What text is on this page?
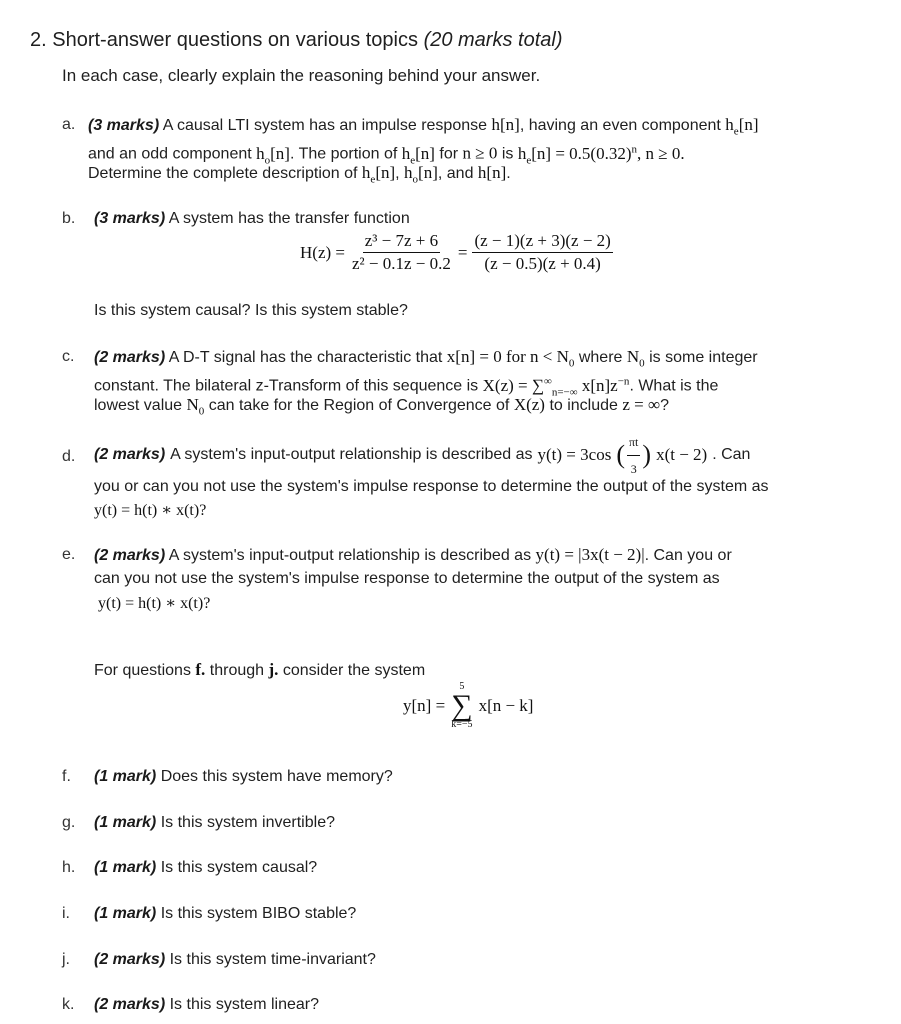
2. Short-answer questions on various topics (20 marks total)
In each case, clearly explain the reasoning behind your answer.
a. (3 marks) A causal LTI system has an impulse response h[n], having an even component $h_e[n]$
and an odd component $h_o[n]$. The portion of $h_e[n]$ for n ≥ 0 is $h_e[n] = 0.5(0.32)^n$, n ≥ 0.
Determine the complete description of $h_e[n]$, $h_o[n]$, and h[n].
b. (3 marks) A system has the transfer function
$H(z) = \frac{\text{z³ − 7z + 6}}{\text{z² − 0.1z − 0.2}} = \frac{(z - 1)(z + 3)(z - 2)}{(z - 0.5)(z + 0.4)}$
Is this system causal? Is this system stable?
c. (2 marks) A D-T signal has the characteristic that x[n] = 0 for $n < N_0$ where $N_0$ is some integer
constant. The bilateral z-Transform of this sequence is $X(z) = \sum^\infty_{n=-\infty}$ $x[n]z^{-n}$. What is the
lowest value $N_0$ can take for the Region of Convergence of X(z) to include z = ∞?
d. (2 marks) A system's input-output relationship is described as y(t) = 3cos ( $\frac{\pi t}{3}$ ) x(t − 2) . Can
you or can you not use the system's impulse response to determine the output of the system as
y(t) = h(t) ∗ x(t)?
e. (2 marks) A system's input-output relationship is described as y(t) = |3x(t − 2)|. Can you or
can you not use the system's impulse response to determine the output of the system as
y(t) = h(t) ∗ x(t)?
For questions f. through j. consider the system
y[n] =
5
∑
k=−5
x[n − k]
f. (1 mark) Does this system have memory?
g. (1 mark) Is this system invertible?
h. (1 mark) Is this system causal?
i. (1 mark) Is this system BIBO stable?
j. (2 marks) Is this system time-invariant?
k. (2 marks) Is this system linear?
